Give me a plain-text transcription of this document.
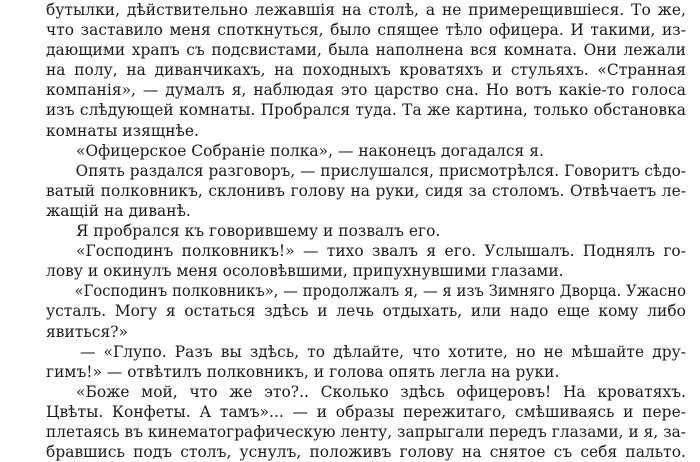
бутылки, дѣйствительно лежавшія на столѣ, а не примерещившіеся. То же,
что заставило меня споткнуться, было спящее тѣло офицера. И такими, из-
дающими храпъ съ подсвистами, была наполнена вся комната. Они лежали
на полу, на диванчикахъ, на походныхъ кроватяхъ и стульяхъ. «Странная
компанія», — думалъ я, наблюдая это царство сна. Но вотъ какіе-то голоса
изъ слѣдующей комнаты. Пробрался туда. Та же картина, только обстановка
комнаты изящнѣе.
«Офицерское Собраніе полка», — наконецъ догадался я.
Опять раздался разговоръ, — прислушался, присмотрѣлся. Говоритъ сѣдо-
ватый полковникъ, склонивъ голову на руки, сидя за столомъ. Отвѣчаетъ ле-
жащій на диванѣ.
Я пробрался къ говорившему и позвалъ его.
«Господинъ полковникъ!» — тихо звалъ я его. Услышалъ. Поднялъ го-
лову и окинулъ меня осоловѣвшими, припухнувшими глазами.
«Господинъ полковникъ», — продолжалъ я, — я изъ Зимняго Дворца. Ужасно
усталъ. Могу я остаться здѣсь и лечь отдыхать, или надо еще кому либо
явиться?»
— «Глупо. Разъ вы здѣсь, то дѣлайте, что хотите, но не мѣшайте дру-
гимъ!» — отвѣтилъ полковникъ, и голова опять легла на руки.
«Боже мой, что же это?.. Сколько здѣсь офицеровъ! На кроватяхъ.
Цвѣты. Конфеты. А тамъ»... — и образы пережитаго, смѣшиваясь и пере-
плетаясь въ кинематографическую ленту, запрыгали передъ глазами, и я, за-
бравшись подъ столъ, уснулъ, положивъ голову на снятое съ себя пальто.
